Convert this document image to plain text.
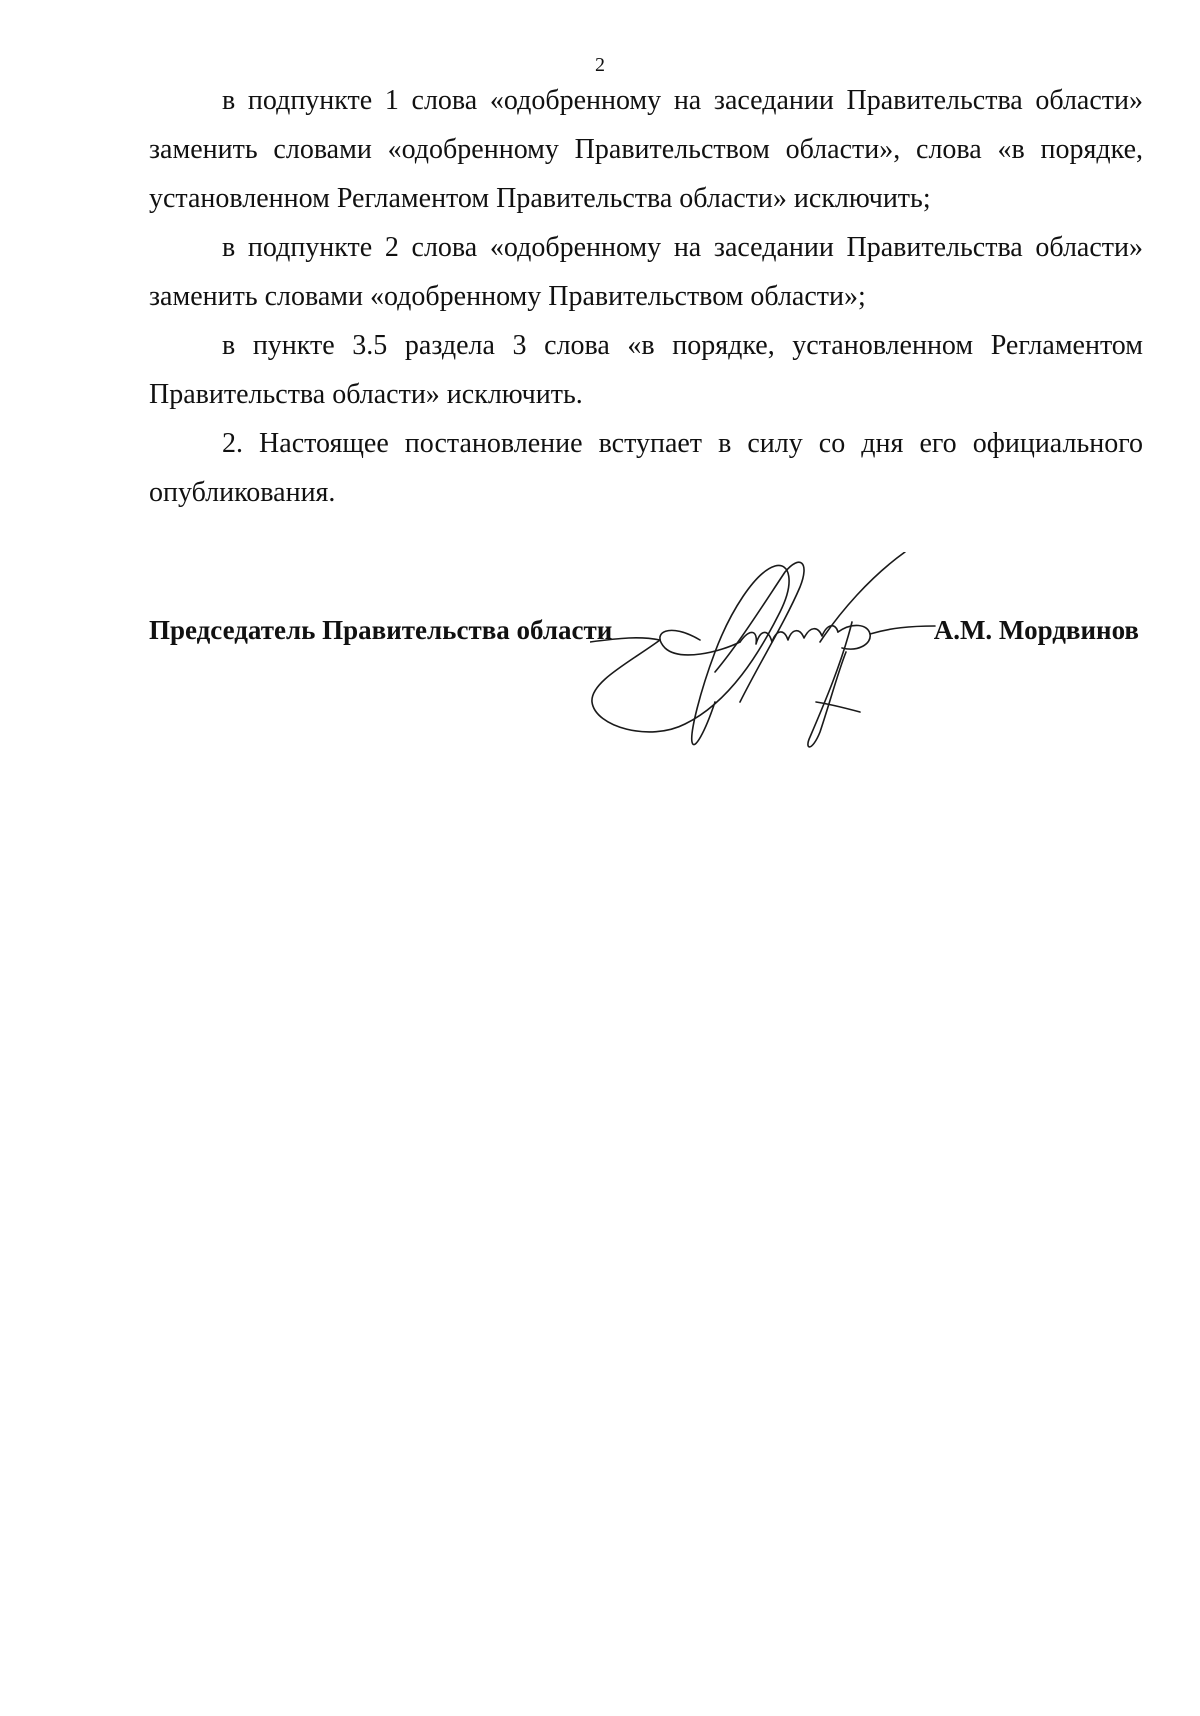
2

в подпункте 1 слова «одобренному на заседании Правительства области» заменить словами «одобренному Правительством области», слова «в порядке, установленном Регламентом Правительства области» исключить;

в подпункте 2 слова «одобренному на заседании Правительства области» заменить словами «одобренному Правительством области»;

в пункте 3.5 раздела 3 слова «в порядке, установленном Регламентом Правительства области» исключить.

2. Настоящее постановление вступает в силу со дня его официального опубликования.

Председатель Правительства области	А.М. Мордвинов
